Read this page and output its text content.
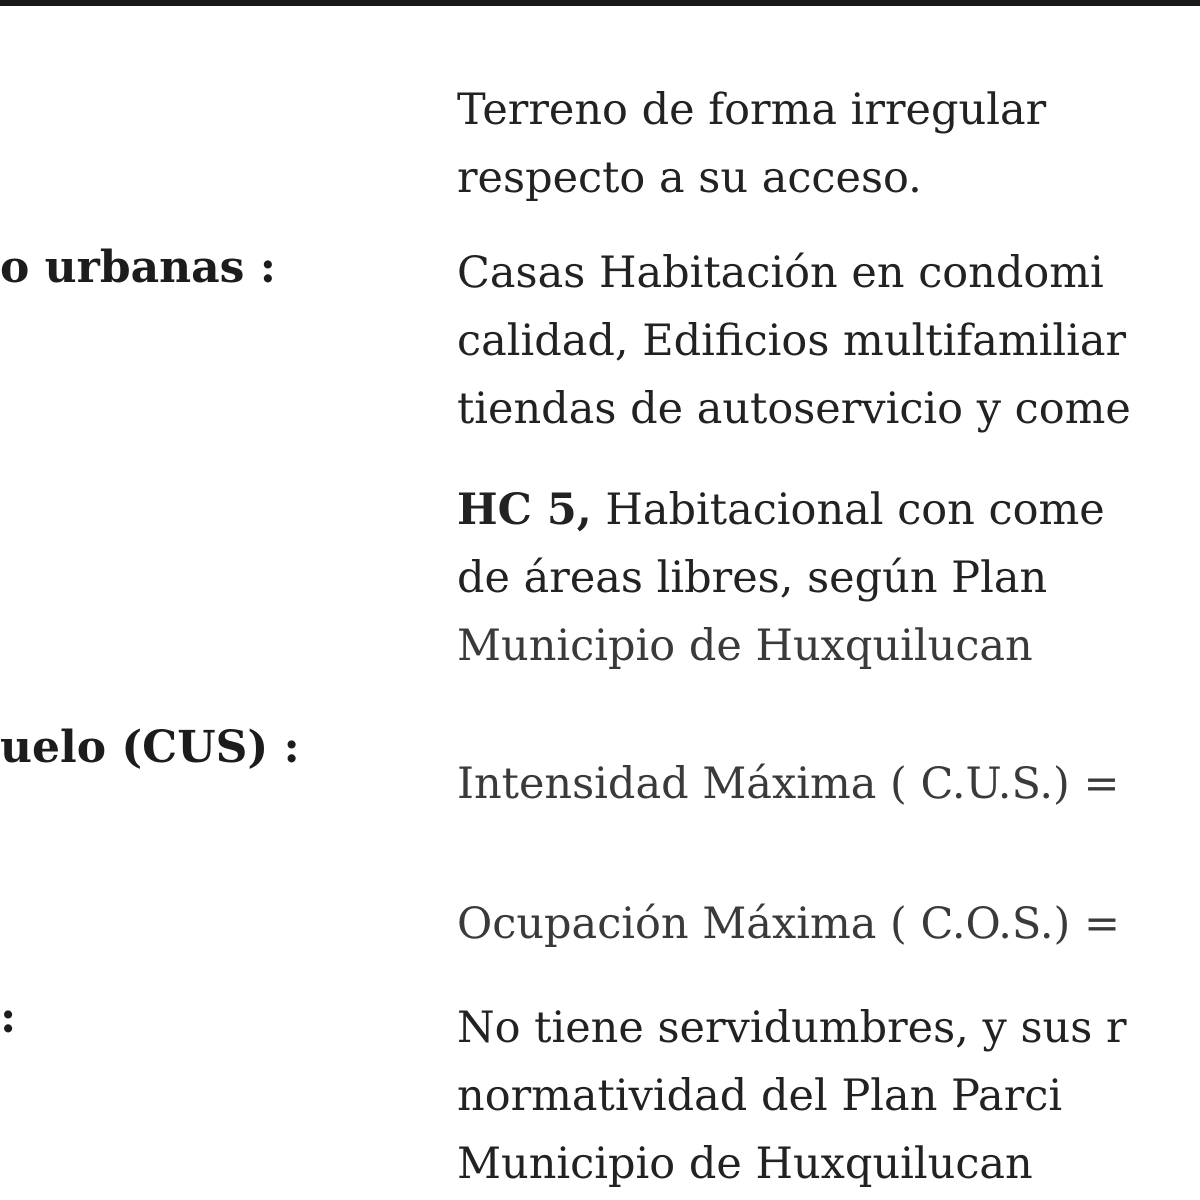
o urbanas :
uelo (CUS) :
:
Terreno de forma irregular
respecto a su acceso.
Casas Habitación en condomi
calidad, Edificios multifamiliar
tiendas de autoservicio y come
HC 5, Habitacional con come
de áreas libres, según Plan
Municipio de Huxquilucan
Intensidad Máxima ( C.U.S.) =
Ocupación Máxima ( C.O.S.) =
No tiene servidumbres, y sus r
normatividad del Plan Parci
Municipio de Huxquilucan
